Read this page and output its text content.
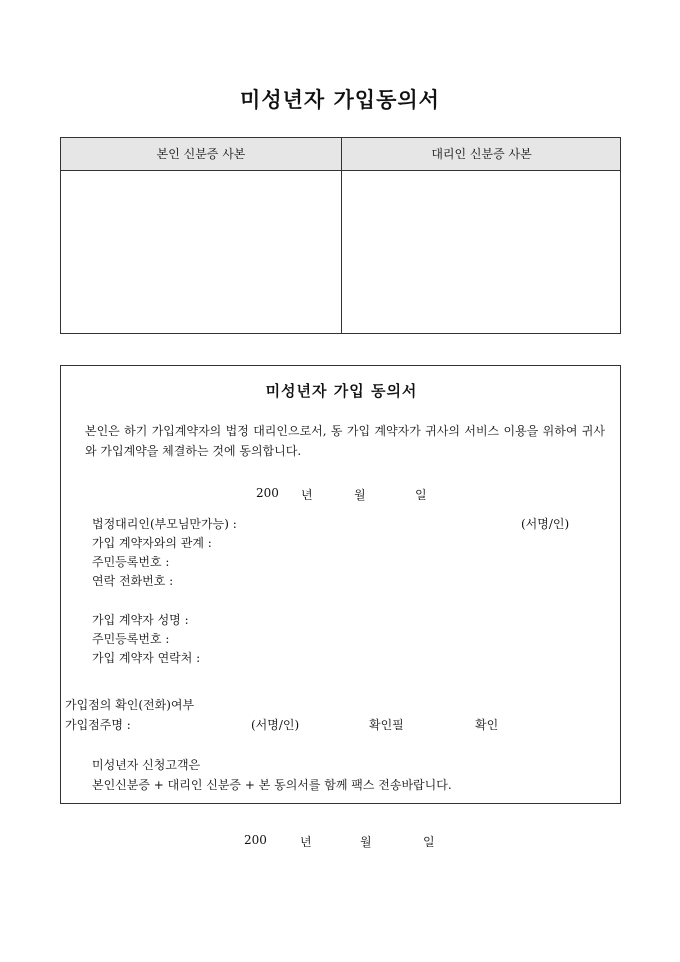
미성년자 가입동의서
본인 신분증 사본	대리인 신분증 사본
미성년자 가입 동의서
본인은 하기 가입계약자의 법정 대리인으로서, 동 가입 계약자가 귀사의 서비스 이용을 위하여 귀사와 가입계약을 체결하는 것에 동의합니다.
200 년	월	일
법정대리인(부모님만가능) :	(서명/인)
가입 계약자와의 관계 :
주민등록번호 :
연락 전화번호 :
가입 계약자 성명 :
주민등록번호 :
가입 계약자 연락처 :
가입점의 확인(전화)여부
가입점주명 :	(서명/인)	확인필	확인
미성년자 신청고객은
본인신분증 + 대리인 신분증 + 본 동의서를 함께 팩스 전송바랍니다.
200	년	월	일
